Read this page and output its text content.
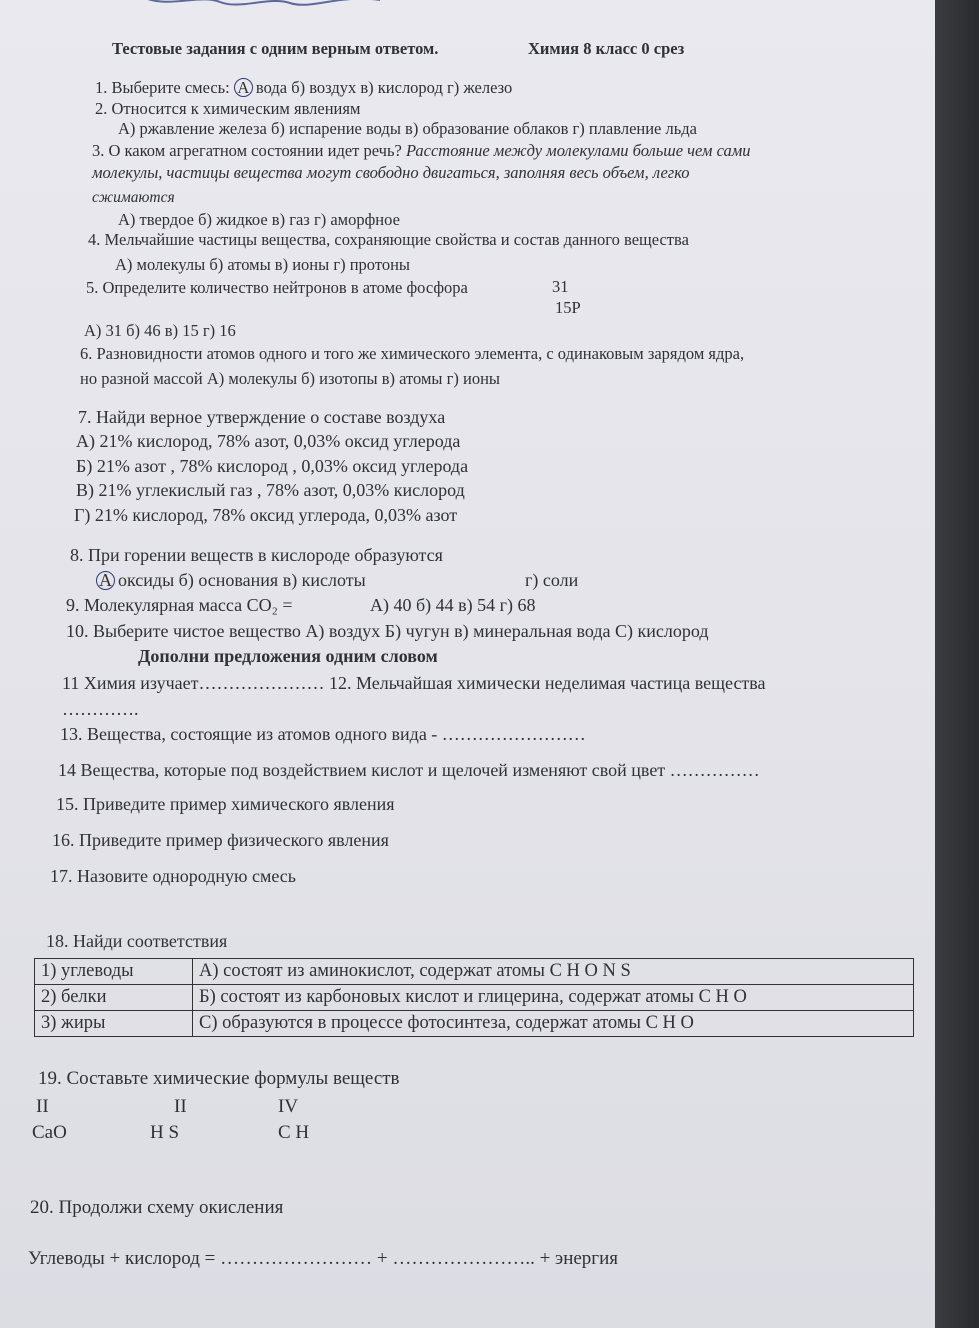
Тестовые задания с одним верным ответом.	Химия 8 класс 0 срез
1. Выберите смесь: А вода б) воздух в) кислород г) железо
2. Относится к химическим явлениям
А) ржавление железа б) испарение воды в) образование облаков г) плавление льда
3. О каком агрегатном состоянии идет речь? Расстояние между молекулами больше чем сами
молекулы, частицы вещества могут свободно двигаться, заполняя весь объем, легко
сжимаются
А) твердое б) жидкое в) газ г) аморфное
4. Мельчайшие частицы вещества, сохраняющие свойства и состав данного вещества
А) молекулы б) атомы в) ионы г) протоны
5. Определите количество нейтронов в атоме фосфора	31
15P
А) 31 б) 46 в) 15 г) 16
6. Разновидности атомов одного и того же химического элемента, с одинаковым зарядом ядра,
но разной массой А) молекулы б) изотопы в) атомы г) ионы
7. Найди верное утверждение о составе воздуха
А) 21% кислород, 78% азот, 0,03% оксид углерода
Б) 21% азот , 78% кислород , 0,03% оксид углерода
В) 21% углекислый газ , 78% азот, 0,03% кислород
Г) 21% кислород, 78% оксид углерода, 0,03% азот
8. При горении веществ в кислороде образуются
А оксиды б) основания в) кислоты	г) соли
9. Молекулярная масса CO₂ =	А) 40 б) 44 в) 54 г) 68
10. Выберите чистое вещество А) воздух Б) чугун в) минеральная вода С) кислород
Дополни предложения одним словом
11 Химия изучает………………… 12. Мельчайшая химически неделимая частица вещества
………….
13. Вещества, состоящие из атомов одного вида - ……………………
14 Вещества, которые под воздействием кислот и щелочей изменяют свой цвет ……………
15. Приведите пример химического явления
16. Приведите пример физического явления
17. Назовите однородную смесь
18. Найди соответствия
1) углеводы	А) состоят из аминокислот, содержат атомы С Н О N S
2) белки	Б) состоят из карбоновых кислот и глицерина, содержат атомы С Н О
3) жиры	С) образуются в процессе фотосинтеза, содержат атомы С Н О
19. Составьте химические формулы веществ
II	II	IV
CaO	H S	C H
20. Продолжи схему окисления
Углеводы + кислород = …………………… + ………………….. + энергия
